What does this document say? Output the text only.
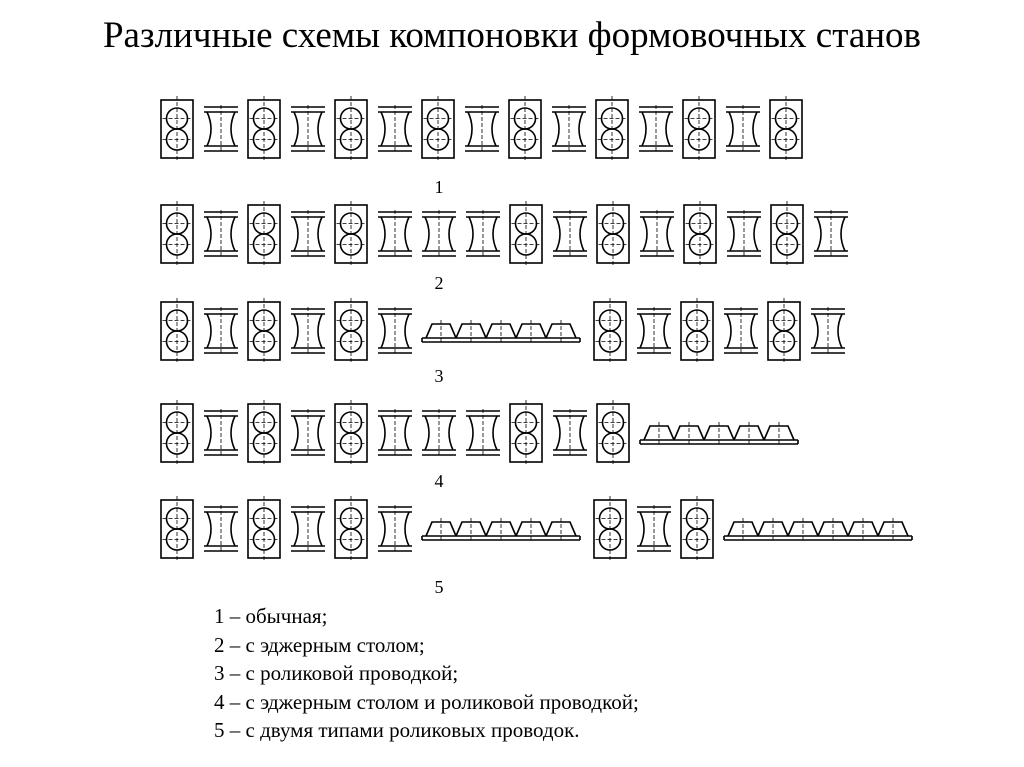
Различные схемы компоновки формовочных станов
1
2
3
4
5
1 – обычная;
2 – с эджерным столом;
3 – с роликовой проводкой;
4 – с эджерным столом и роликовой проводкой;
5 – с двумя типами роликовых проводок.
